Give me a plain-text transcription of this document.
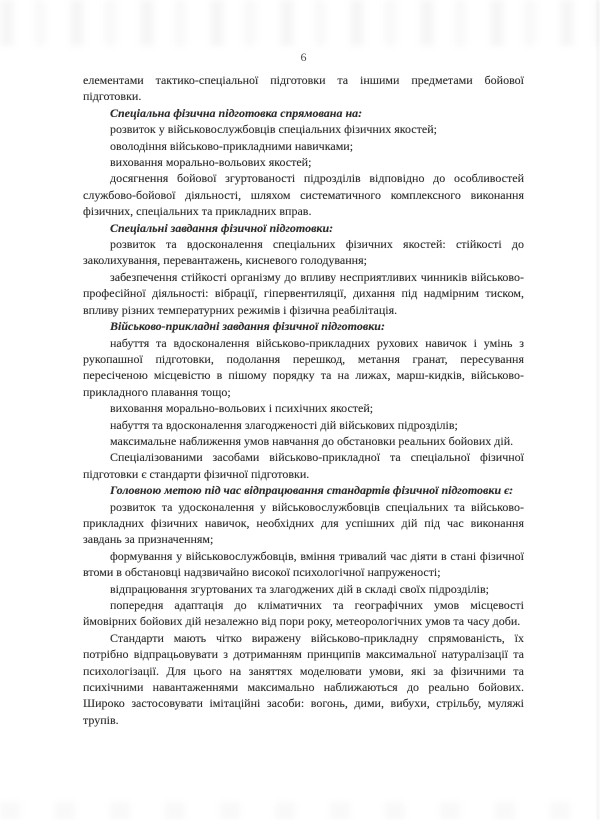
6

елементами тактико-спеціальної підготовки та іншими предметами бойової підготовки.

Спеціальна фізична підготовка спрямована на:

розвиток у військовослужбовців спеціальних фізичних якостей;

оволодіння військово-прикладними навичками;

виховання морально-вольових якостей;

досягнення бойової згуртованості підрозділів відповідно до особливостей службово-бойової діяльності, шляхом систематичного комплексного виконання фізичних, спеціальних та прикладних вправ.

Спеціальні завдання фізичної підготовки:

розвиток та вдосконалення спеціальних фізичних якостей: стійкості до заколихування, перевантажень, кисневого голодування;

забезпечення стійкості організму до впливу несприятливих чинників військово-професійної діяльності: вібрації, гіпервентиляції, дихання під надмірним тиском, впливу різних температурних режимів і фізична реабілітація.

Військово-прикладні завдання фізичної підготовки:

набуття та вдосконалення військово-прикладних рухових навичок і умінь з рукопашної підготовки, подолання перешкод, метання гранат, пересування пересіченою місцевістю в пішому порядку та на лижах, марш-кидків, військово-прикладного плавання тощо;

виховання морально-вольових і психічних якостей;

набуття та вдосконалення злагодженості дій військових підрозділів;

максимальне наближення умов навчання до обстановки реальних бойових дій.

Спеціалізованими засобами військово-прикладної та спеціальної фізичної підготовки є стандарти фізичної підготовки.

Головною метою під час відпрацювання стандартів фізичної підготовки є:

розвиток та удосконалення у військовослужбовців спеціальних та військово-прикладних фізичних навичок, необхідних для успішних дій під час виконання завдань за призначенням;

формування у військовослужбовців, вміння тривалий час діяти в стані фізичної втоми в обстановці надзвичайно високої психологічної напруженості;

відпрацювання згуртованих та злагоджених дій в складі своїх підрозділів;

попередня адаптація до кліматичних та географічних умов місцевості ймовірних бойових дій незалежно від пори року, метеорологічних умов та часу доби.

Стандарти мають чітко виражену військово-прикладну спрямованість, їх потрібно відпрацьовувати з дотриманням принципів максимальної натуралізації та психологізації. Для цього на заняттях моделювати умови, які за фізичними та психічними навантаженнями максимально наближаються до реально бойових. Широко застосовувати імітаційні засоби: вогонь, дими, вибухи, стрільбу, муляжі трупів.
